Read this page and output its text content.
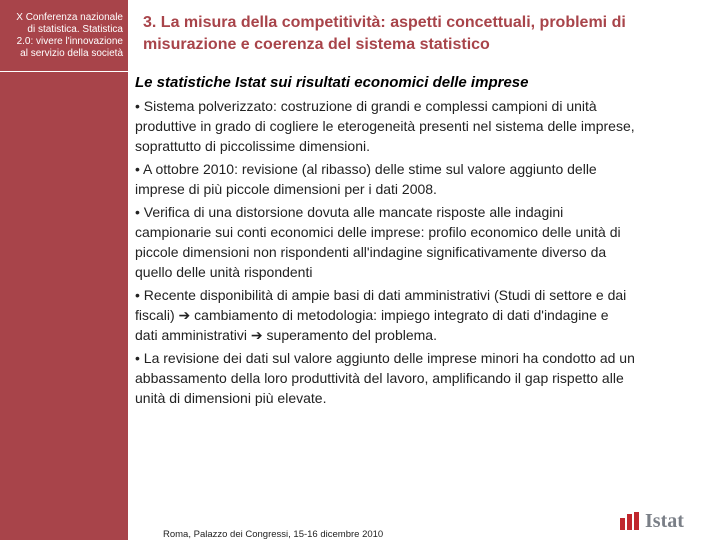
X Conferenza nazionale
di statistica. Statistica
2.0: vivere l'innovazione
al servizio della società
3. La misura della competitività: aspetti concettuali, problemi di
misurazione e coerenza del sistema statistico
Le statistiche Istat sui risultati economici delle imprese
• Sistema polverizzato: costruzione di grandi e complessi campioni di unità
produttive in grado di cogliere le eterogeneità presenti nel sistema delle imprese,
soprattutto di piccolissime dimensioni.
• A ottobre 2010: revisione (al ribasso) delle stime sul valore aggiunto delle
imprese di più piccole dimensioni per i dati 2008.
• Verifica di una distorsione dovuta alle mancate risposte alle indagini
campionarie sui conti economici delle imprese: profilo economico delle unità di
piccole dimensioni non rispondenti all'indagine significativamente diverso da
quello delle unità rispondenti
• Recente disponibilità di ampie basi di dati amministrativi (Studi di settore e dai
fiscali) ➔ cambiamento di metodologia: impiego integrato di dati d'indagine e
dati amministrativi ➔ superamento del problema.
• La revisione dei dati sul valore aggiunto delle imprese minori ha condotto ad un
abbassamento della loro produttività del lavoro, amplificando il gap rispetto alle
unità di dimensioni più elevate.
Roma, Palazzo dei Congressi, 15-16 dicembre 2010
Istat
